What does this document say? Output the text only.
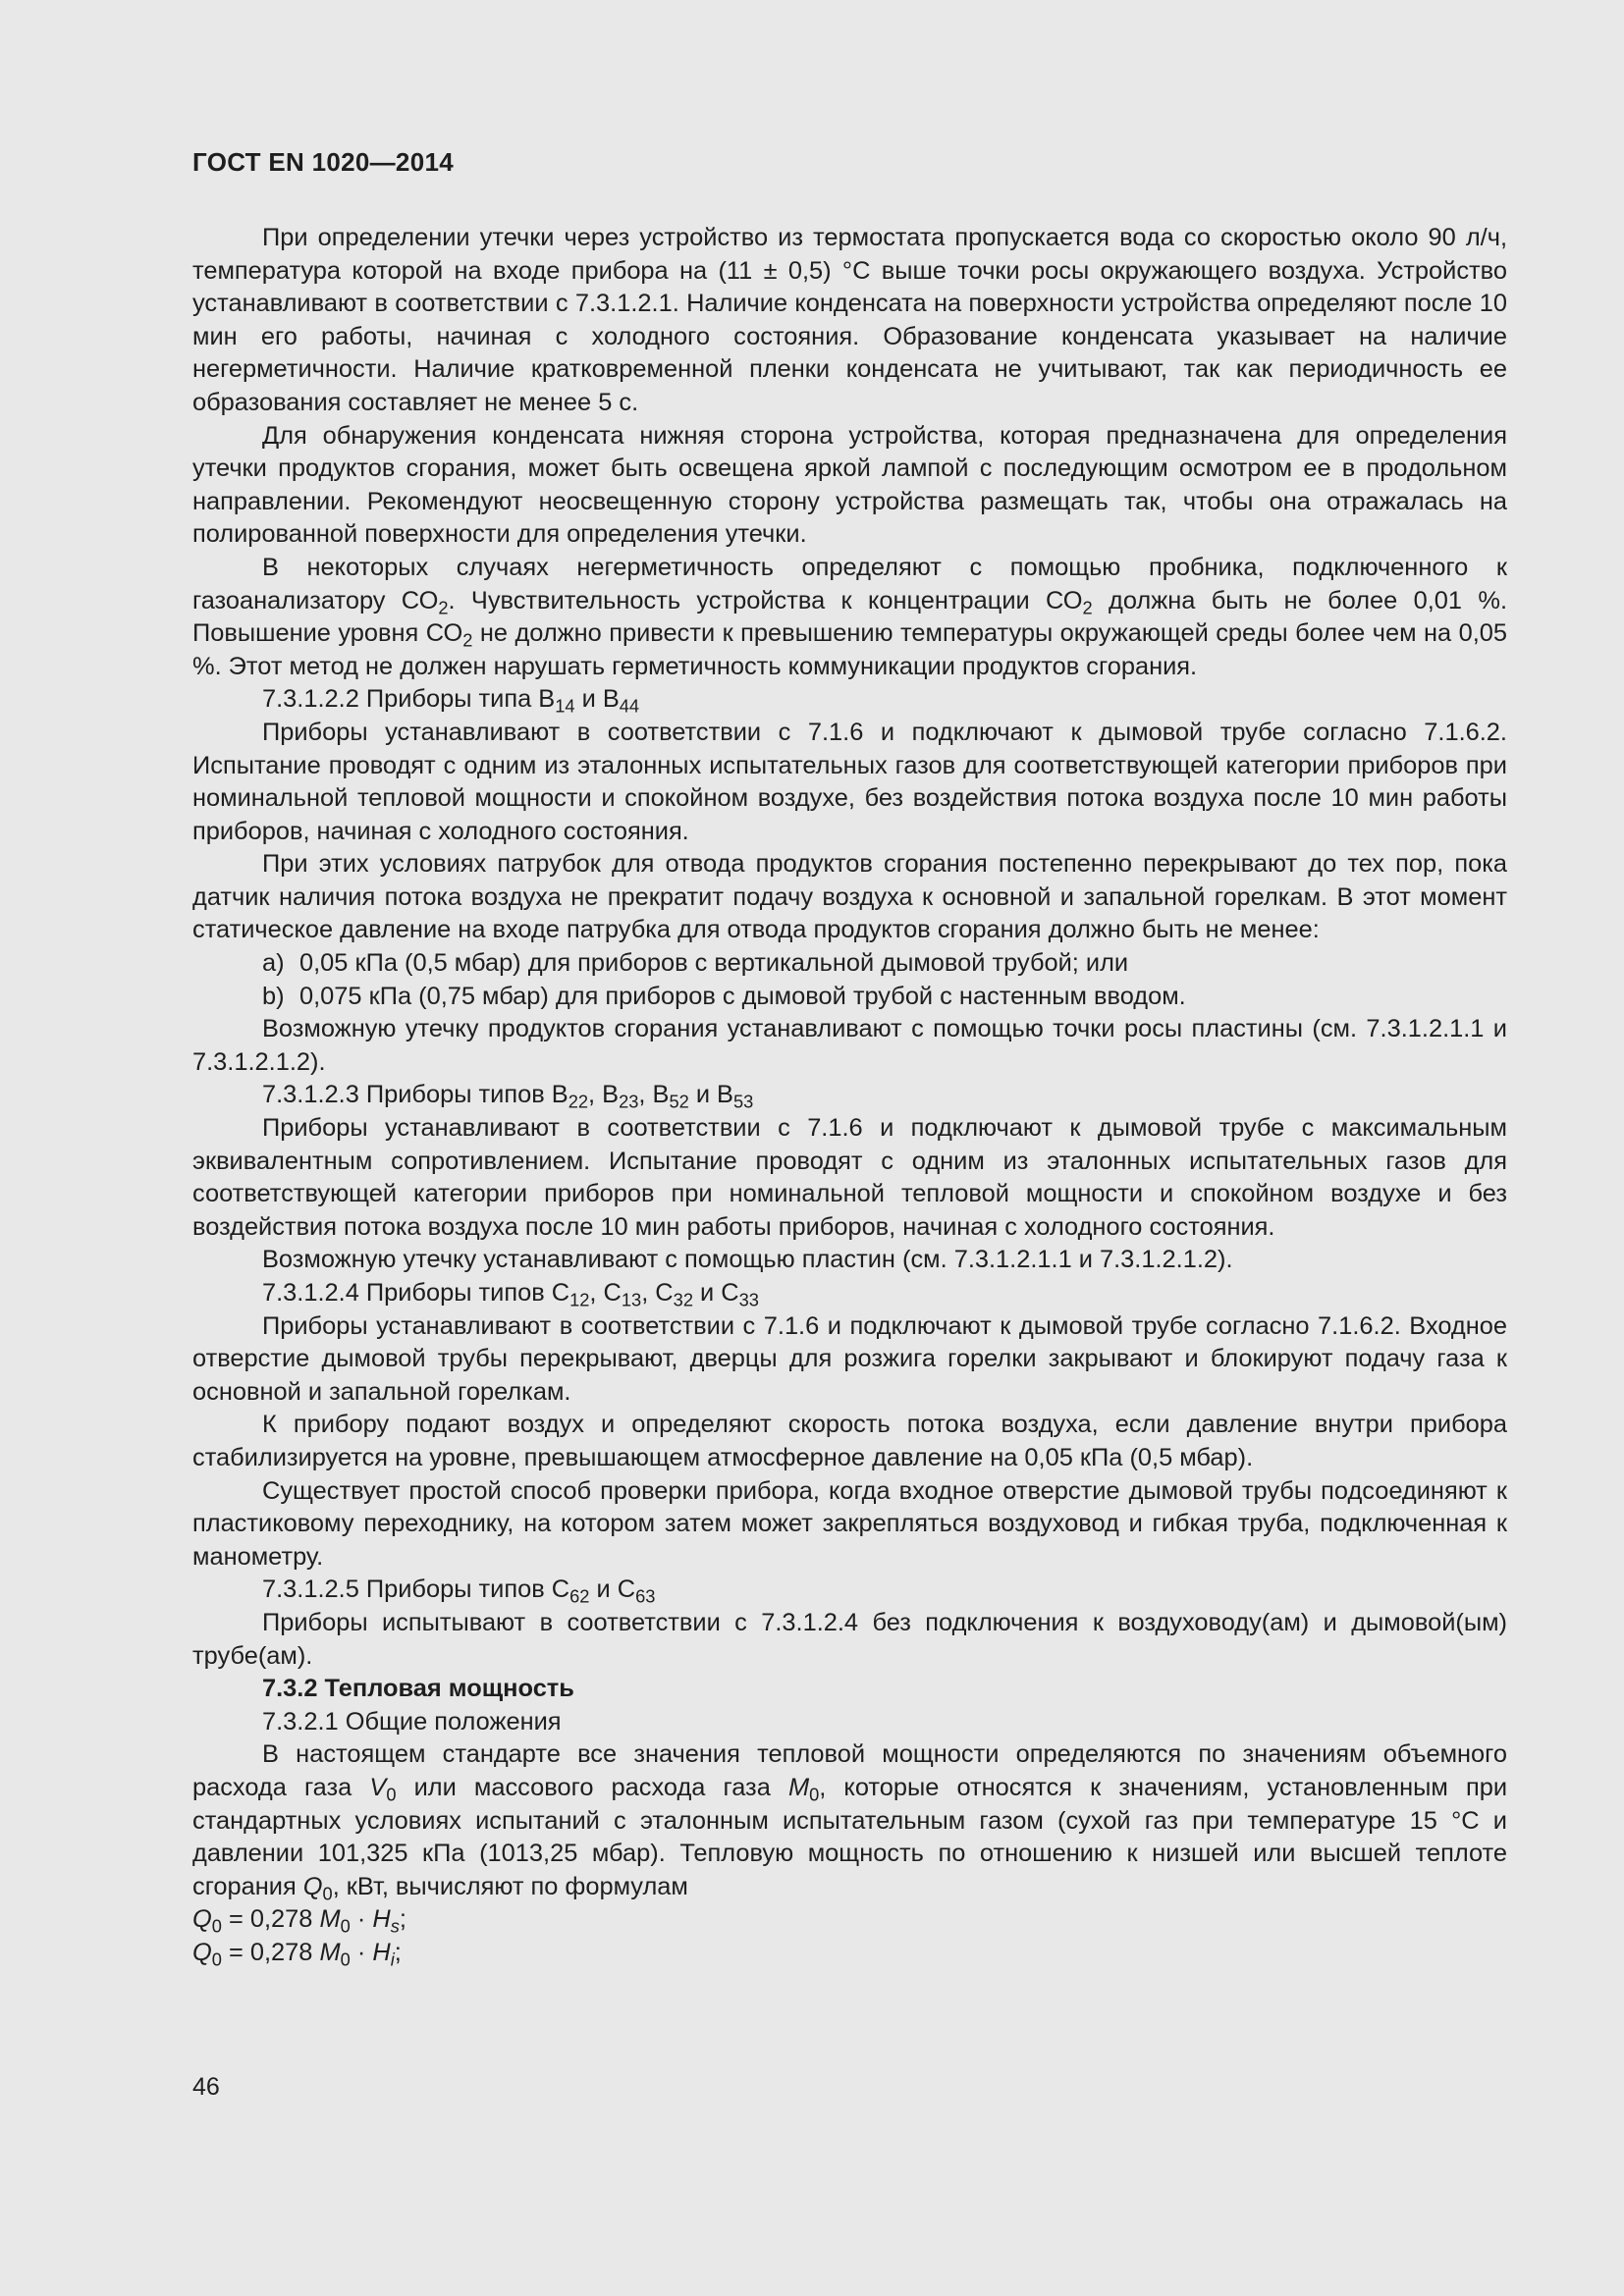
ГОСТ EN 1020—2014

При определении утечки через устройство из термостата пропускается вода со скоростью около 90 л/ч, температура которой на входе прибора на (11 ± 0,5) °С выше точки росы окружающего воздуха. Устройство устанавливают в соответствии с 7.3.1.2.1. Наличие конденсата на поверхности устройства определяют после 10 мин его работы, начиная с холодного состояния. Образование конденсата указывает на наличие негерметичности. Наличие кратковременной пленки конденсата не учитывают, так как периодичность ее образования составляет не менее 5 с.

Для обнаружения конденсата нижняя сторона устройства, которая предназначена для определения утечки продуктов сгорания, может быть освещена яркой лампой с последующим осмотром ее в продольном направлении. Рекомендуют неосвещенную сторону устройства размещать так, чтобы она отражалась на полированной поверхности для определения утечки.

В некоторых случаях негерметичность определяют с помощью пробника, подключенного к газоанализатору $СО_2$. Чувствительность устройства к концентрации $СО_2$ должна быть не более 0,01 %. Повышение уровня $СО_2$ не должно привести к превышению температуры окружающей среды более чем на 0,05 %. Этот метод не должен нарушать герметичность коммуникации продуктов сгорания.

7.3.1.2.2 Приборы типа $В_{14}$ и $В_{44}$

Приборы устанавливают в соответствии с 7.1.6 и подключают к дымовой трубе согласно 7.1.6.2. Испытание проводят с одним из эталонных испытательных газов для соответствующей категории приборов при номинальной тепловой мощности и спокойном воздухе, без воздействия потока воздуха после 10 мин работы приборов, начиная с холодного состояния.

При этих условиях патрубок для отвода продуктов сгорания постепенно перекрывают до тех пор, пока датчик наличия потока воздуха не прекратит подачу воздуха к основной и запальной горелкам. В этот момент статическое давление на входе патрубка для отвода продуктов сгорания должно быть не менее:

a) 0,05 кПа (0,5 мбар) для приборов с вертикальной дымовой трубой; или
b) 0,075 кПа (0,75 мбар) для приборов с дымовой трубой с настенным вводом.

Возможную утечку продуктов сгорания устанавливают с помощью точки росы пластины (см. 7.3.1.2.1.1 и 7.3.1.2.1.2).

7.3.1.2.3 Приборы типов $В_{22}$, $В_{23}$, $В_{52}$ и $В_{53}$

Приборы устанавливают в соответствии с 7.1.6 и подключают к дымовой трубе с максимальным эквивалентным сопротивлением. Испытание проводят с одним из эталонных испытательных газов для соответствующей категории приборов при номинальной тепловой мощности и спокойном воздухе и без воздействия потока воздуха после 10 мин работы приборов, начиная с холодного состояния.

Возможную утечку устанавливают с помощью пластин (см. 7.3.1.2.1.1 и 7.3.1.2.1.2).

7.3.1.2.4 Приборы типов $С_{12}$, $С_{13}$, $С_{32}$ и $С_{33}$

Приборы устанавливают в соответствии с 7.1.6 и подключают к дымовой трубе согласно 7.1.6.2. Входное отверстие дымовой трубы перекрывают, дверцы для розжига горелки закрывают и блокируют подачу газа к основной и запальной горелкам.

К прибору подают воздух и определяют скорость потока воздуха, если давление внутри прибора стабилизируется на уровне, превышающем атмосферное давление на 0,05 кПа (0,5 мбар).

Существует простой способ проверки прибора, когда входное отверстие дымовой трубы подсоединяют к пластиковому переходнику, на котором затем может закрепляться воздуховод и гибкая труба, подключенная к манометру.

7.3.1.2.5 Приборы типов $С_{62}$ и $С_{63}$

Приборы испытывают в соответствии с 7.3.1.2.4 без подключения к воздуховоду(ам) и дымовой(ым) трубе(ам).

7.3.2 Тепловая мощность

7.3.2.1 Общие положения

В настоящем стандарте все значения тепловой мощности определяются по значениям объемного расхода газа $V_0$ или массового расхода газа $M_0$, которые относятся к значениям, установленным при стандартных условиях испытаний с эталонным испытательным газом (сухой газ при температуре 15 °С и давлении 101,325 кПа (1013,25 мбар). Тепловую мощность по отношению к низшей или высшей теплоте сгорания $Q_0$, кВт, вычисляют по формулам

$Q_0 = 0,278$ $M_0 \cdot H_s$;

$Q_0 = 0,278$ $M_0 \cdot H_i$;

46
